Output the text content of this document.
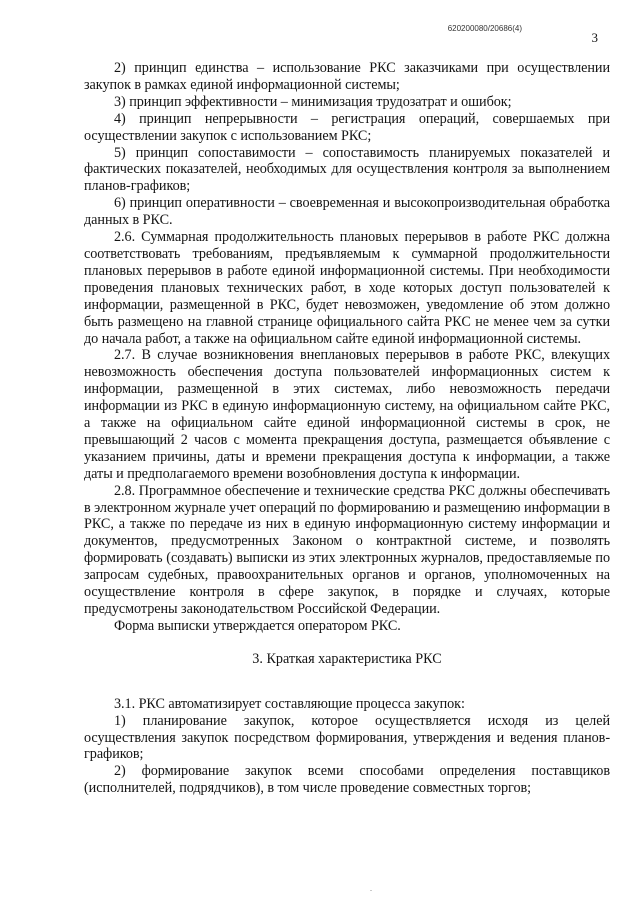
620200080/20686(4)
3

2) принцип единства – использование РКС заказчиками при осуществлении закупок в рамках единой информационной системы;

3) принцип эффективности – минимизация трудозатрат и ошибок;

4) принцип непрерывности – регистрация операций, совершаемых при осуществлении закупок с использованием РКС;

5) принцип сопоставимости – сопоставимость планируемых показателей и фактических показателей, необходимых для осуществления контроля за выполнением планов-графиков;

6) принцип оперативности – своевременная и высокопроизводительная обработка данных в РКС.

2.6. Суммарная продолжительность плановых перерывов в работе РКС должна соответствовать требованиям, предъявляемым к суммарной продолжительности плановых перерывов в работе единой информационной системы. При необходимости проведения плановых технических работ, в ходе которых доступ пользователей к информации, размещенной в РКС, будет невозможен, уведомление об этом должно быть размещено на главной странице официального сайта РКС не менее чем за сутки до начала работ, а также на официальном сайте единой информационной системы.

2.7. В случае возникновения внеплановых перерывов в работе РКС, влекущих невозможность обеспечения доступа пользователей информационных систем к информации, размещенной в этих системах, либо невозможность передачи информации из РКС в единую информационную систему, на официальном сайте РКС, а также на официальном сайте единой информационной системы в срок, не превышающий 2 часов с момента прекращения доступа, размещается объявление с указанием причины, даты и времени прекращения доступа к информации, а также даты и предполагаемого времени возобновления доступа к информации.

2.8. Программное обеспечение и технические средства РКС должны обеспечивать в электронном журнале учет операций по формированию и размещению информации в РКС, а также по передаче из них в единую информационную систему информации и документов, предусмотренных Законом о контрактной системе, и позволять формировать (создавать) выписки из этих электронных журналов, предоставляемые по запросам судебных, правоохранительных органов и органов, уполномоченных на осуществление контроля в сфере закупок, в порядке и случаях, которые предусмотрены законодательством Российской Федерации.

Форма выписки утверждается оператором РКС.

3. Краткая характеристика РКС

3.1. РКС автоматизирует составляющие процесса закупок:

1) планирование закупок, которое осуществляется исходя из целей осуществления закупок посредством формирования, утверждения и ведения планов-графиков;

2) формирование закупок всеми способами определения поставщиков (исполнителей, подрядчиков), в том числе проведение совместных торгов;

.
